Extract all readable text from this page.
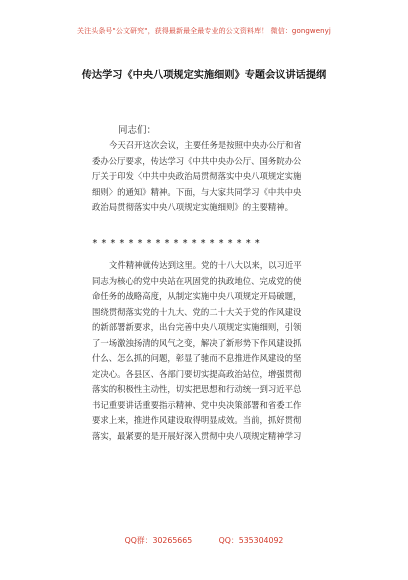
关注头条号"公文研究"，获得最新最全最专业的公文资料库！ 微信：gongwenyj
传达学习《中央八项规定实施细则》专题会议讲话提纲
同志们：
今天召开这次会议，主要任务是按照中央办公厅和省
委办公厅要求，传达学习《中共中央办公厅、国务院办公
厅关于印发〈中共中央政治局贯彻落实中央八项规定实施
细则〉的通知》精神。下面，与大家共同学习《中共中央
政治局贯彻落实中央八项规定实施细则》的主要精神。
*******************
文件精神就传达到这里。党的十八大以来，以习近平
同志为核心的党中央站在巩固党的执政地位、完成党的使
命任务的战略高度，从制定实施中央八项规定开局破题，
围绕贯彻落实党的十九大、党的二十大关于党的作风建设
的新部署新要求，出台完善中央八项规定实施细则，引领
了一场激浊扬清的风气之变，解决了新形势下作风建设抓
什么、怎么抓的问题，彰显了驰而不息推进作风建设的坚
定决心。各县区、各部门要切实提高政治站位，增强贯彻
落实的积极性主动性，切实把思想和行动统一到习近平总
书记重要讲话重要指示精神、党中央决策部署和省委工作
要求上来，推进作风建设取得明显成效。当前，抓好贯彻
落实，最紧要的是开展好深入贯彻中央八项规定精神学习
QQ群：30265665	QQ：535304092
